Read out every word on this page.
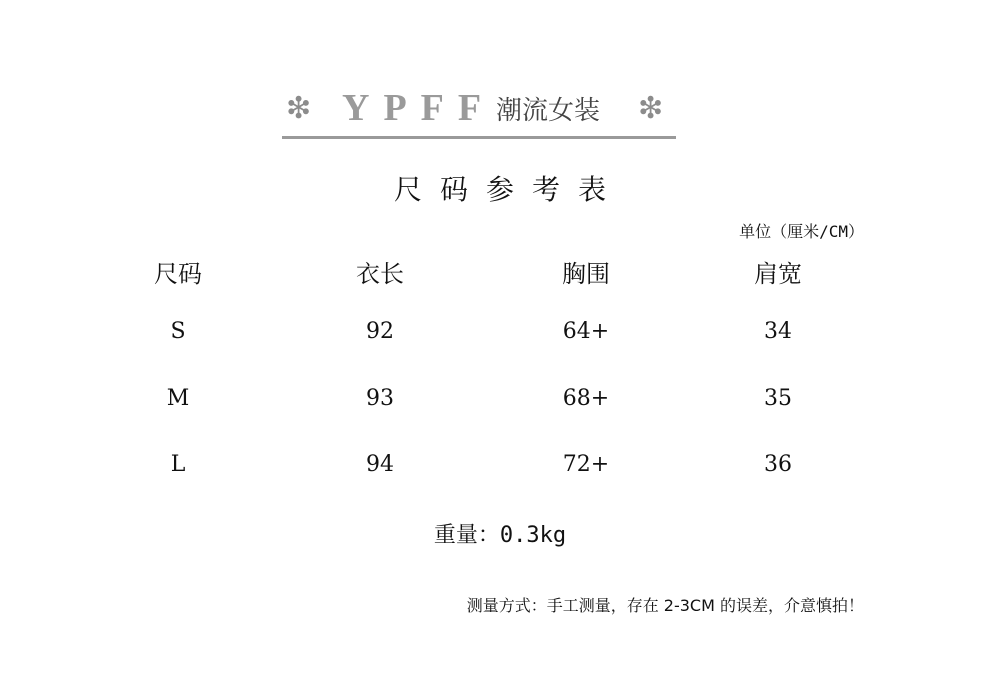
❇ YPFF 潮流女装 ❇
尺码参考表
单位（厘米/CM）
尺码	衣长	胸围	肩宽
S	92	64+	34
M	93	68+	35
L	94	72+	36
重量：0.3kg
测量方式：手工测量，存在 2-3CM 的误差，介意慎拍！
